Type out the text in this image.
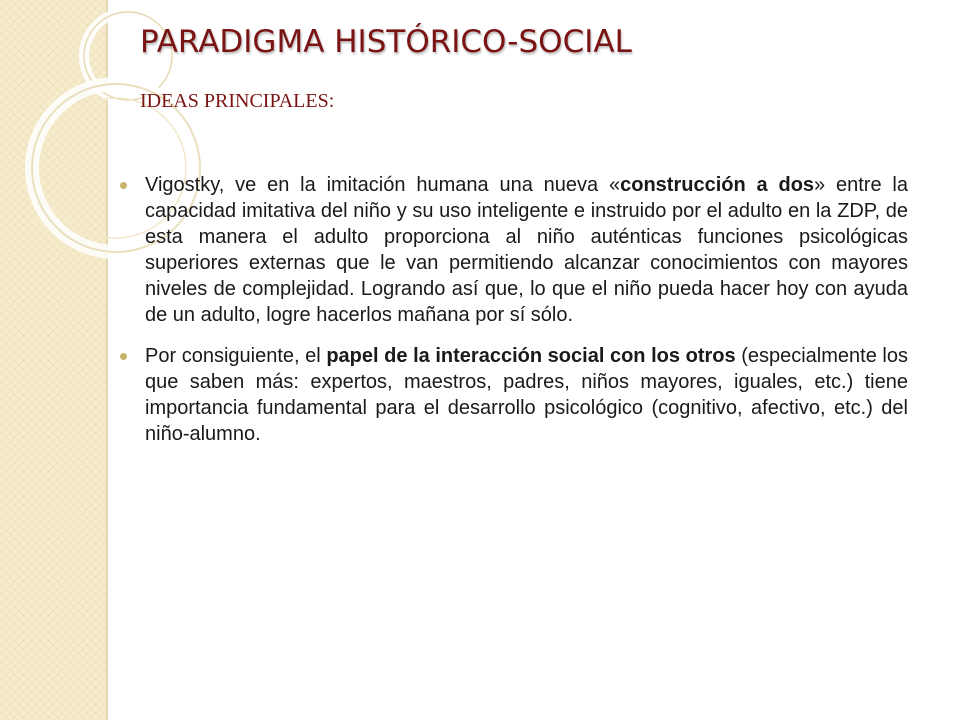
PARADIGMA HISTÓRICO-SOCIAL
IDEAS PRINCIPALES:
Vigostky, ve en la imitación humana una nueva «construcción a dos» entre la capacidad imitativa del niño y su uso inteligente e instruido por el adulto en la ZDP, de esta manera el adulto proporciona al niño auténticas funciones psicológicas superiores externas que le van permitiendo alcanzar conocimientos con mayores niveles de complejidad. Logrando así que, lo que el niño pueda hacer hoy con ayuda de un adulto, logre hacerlos mañana por sí sólo.
Por consiguiente, el papel de la interacción social con los otros (especialmente los que saben más: expertos, maestros, padres, niños mayores, iguales, etc.) tiene importancia fundamental para el desarrollo psicológico (cognitivo, afectivo, etc.) del niño-alumno.
